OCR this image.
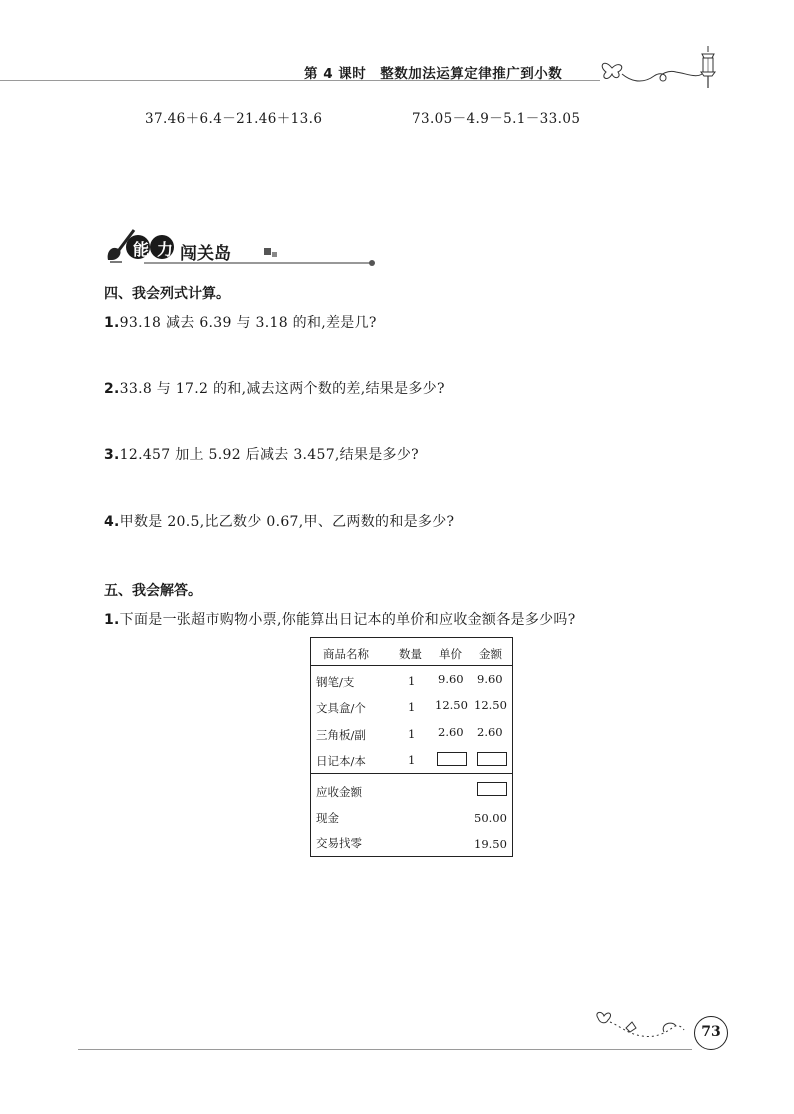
第 4 课时　整数加法运算定律推广到小数
37.46＋6.4－21.46＋13.6	73.05－4.9－5.1－33.05
能 力 闯关岛
四、我会列式计算。
1.93.18 减去 6.39 与 3.18 的和,差是几?
2.33.8 与 17.2 的和,减去这两个数的差,结果是多少?
3.12.457 加上 5.92 后减去 3.457,结果是多少?
4.甲数是 20.5,比乙数少 0.67,甲、乙两数的和是多少?
五、我会解答。
1.下面是一张超市购物小票,你能算出日记本的单价和应收金额各是多少吗?
商品名称	数量 单价 金额
钢笔/支	1 9.60 9.60
文具盒/个	1 12.50 12.50
三角板/副	1 2.60 2.60
日记本/本	1
应收金额
现金	50.00
交易找零	19.50
73
